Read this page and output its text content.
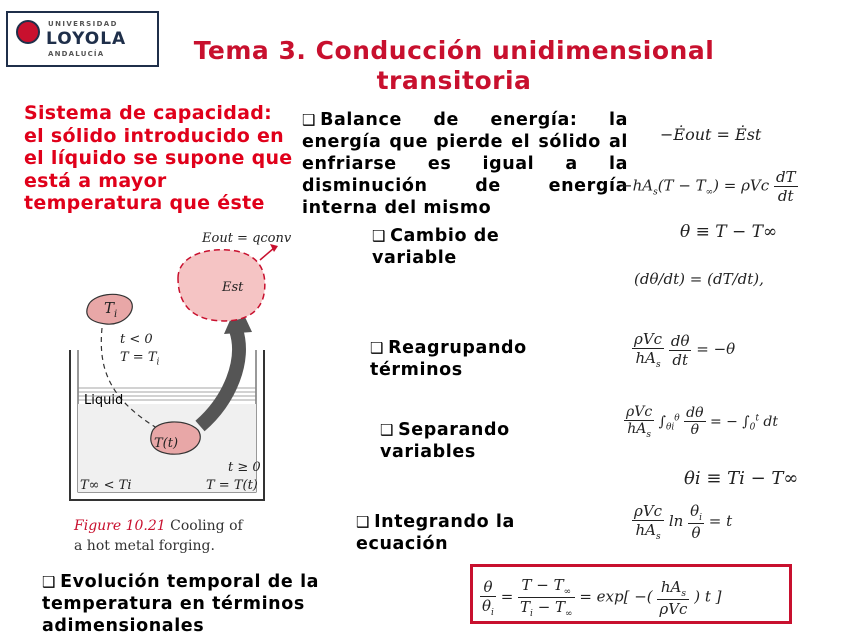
UNIVERSIDAD
LOYOLA
ANDALUCÍA	Tema 3. Conducción unidimensional transitoria
Sistema de capacidad: el sólido introducido en el líquido se supone que está a mayor temperatura que éste
$T_i$
t < 0
$T = T_i$
Liquid
T(t)
t ≥ 0
T = T(t)
T∞ < Ti
Eout = qconv
Est
Figure 10.21 Cooling of
a hot metal forging.
❑ Balance de energía: la energía que pierde el sólido al enfriarse es igual a la disminución de energía interna del mismo
❑ Cambio de variable
❑ Reagrupando términos
❑ Separando variables
❑ Integrando la ecuación
❑ Evolución temporal de la temperatura en términos adimensionales
−Ėout = Ėst
$-hA_s(T - T_\infty) = \rho Vc \frac{dT}{dt}$
θ ≡ T − T∞
(dθ/dt) = (dT/dt),
ρVc
$hA_s$
$\frac{d\theta}{dt} = -\theta$
ρVc
$hA_s$
$\int_{\theta i}^\theta \frac{d\theta}{\theta}$ = − $\int_0^t$ dt
θi ≡ Ti − T∞
ρVc
$hA_s$
$\ln \frac{\theta_i}{\theta} = t$
$\frac{\theta}{\theta_i} = \frac{T - T_\infty}{T_i - T_\infty} = \exp$[ −(
$hA_s$
ρVc
) t ]
